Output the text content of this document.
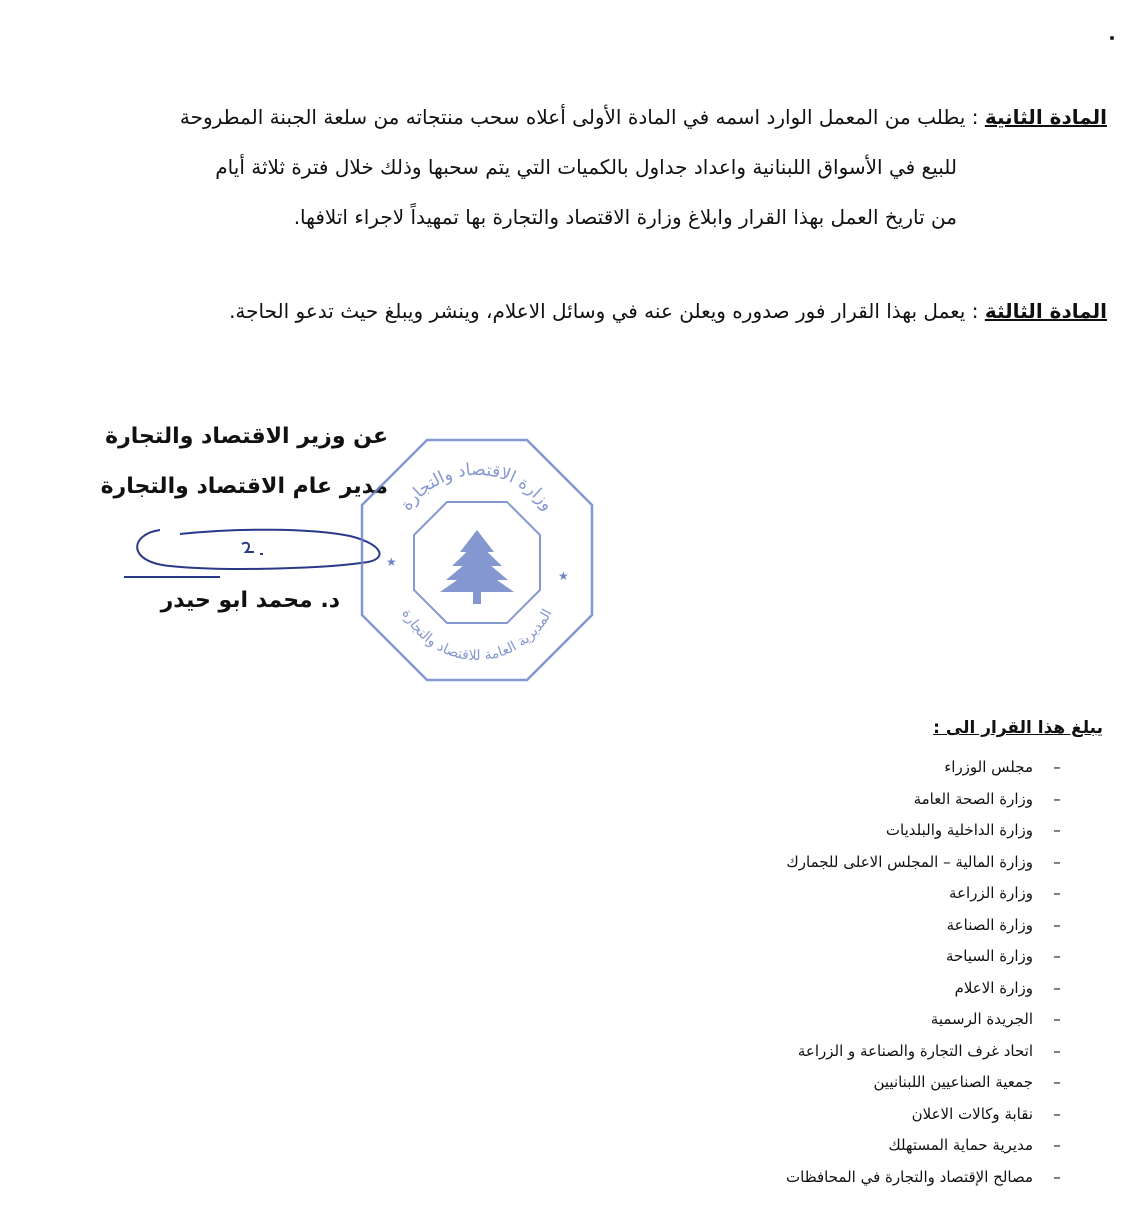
المادة الثانية : يطلب من المعمل الوارد اسمه في المادة الأولى أعلاه سحب منتجاته من سلعة الجبنة المطروحة
للبيع في الأسواق اللبنانية واعداد جداول بالكميات التي يتم سحبها وذلك خلال فترة ثلاثة أيام
من تاريخ العمل بهذا القرار وابلاغ وزارة الاقتصاد والتجارة بها تمهيداً لاجراء اتلافها.
المادة الثالثة : يعمل بهذا القرار فور صدوره ويعلن عنه في وسائل الاعلام، وينشر ويبلغ حيث تدعو الحاجة.
عن وزير الاقتصاد والتجارة
مدير عام الاقتصاد والتجارة
د. محمد ابو حيدر
وزارة الاقتصاد والتجارة
المديرية العامة للاقتصاد والتجارة
★
★
يبلغ هذا القرار الى :
–
مجلس الوزراء
–
وزارة الصحة العامة
–
وزارة الداخلية والبلديات
–
وزارة المالية – المجلس الاعلى للجمارك
–
وزارة الزراعة
–
وزارة الصناعة
–
وزارة السياحة
–
وزارة الاعلام
–
الجريدة الرسمية
–
اتحاد غرف التجارة والصناعة و الزراعة
–
جمعية الصناعيين اللبنانيين
–
نقابة وكالات الاعلان
–
مديرية حماية المستهلك
–
مصالح الإقتصاد والتجارة في المحافظات
